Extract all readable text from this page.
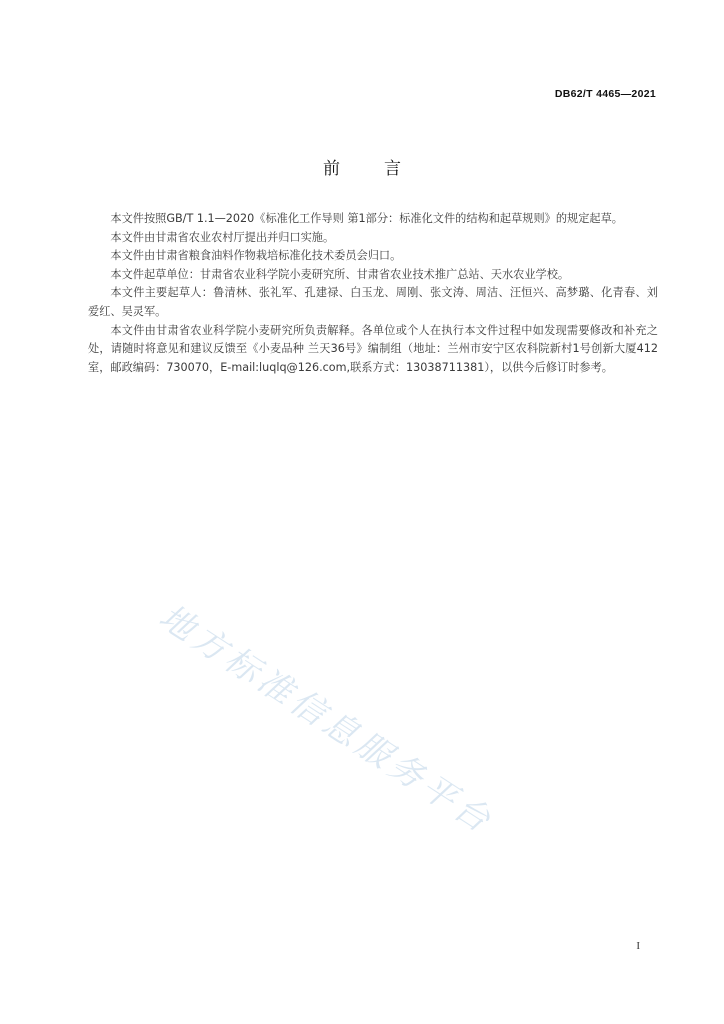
DB62/T 4465—2021
前言

本文件按照GB/T 1.1—2020《标准化工作导则 第1部分：标准化文件的结构和起草规则》的规定起草。

本文件由甘肃省农业农村厅提出并归口实施。

本文件由甘肃省粮食油料作物栽培标准化技术委员会归口。

本文件起草单位：甘肃省农业科学院小麦研究所、甘肃省农业技术推广总站、天水农业学校。

本文件主要起草人：鲁清林、张礼军、孔建禄、白玉龙、周刚、张文涛、周洁、汪恒兴、高梦璐、化青春、刘爱红、吴灵军。

本文件由甘肃省农业科学院小麦研究所负责解释。各单位或个人在执行本文件过程中如发现需要修改和补充之处，请随时将意见和建议反馈至《小麦品种 兰天36号》编制组（地址：兰州市安宁区农科院新村1号创新大厦412室，邮政编码：730070，E-mail:luqlq@126.com,联系方式：13038711381），以供今后修订时参考。

地方标准信息服务平台
I
